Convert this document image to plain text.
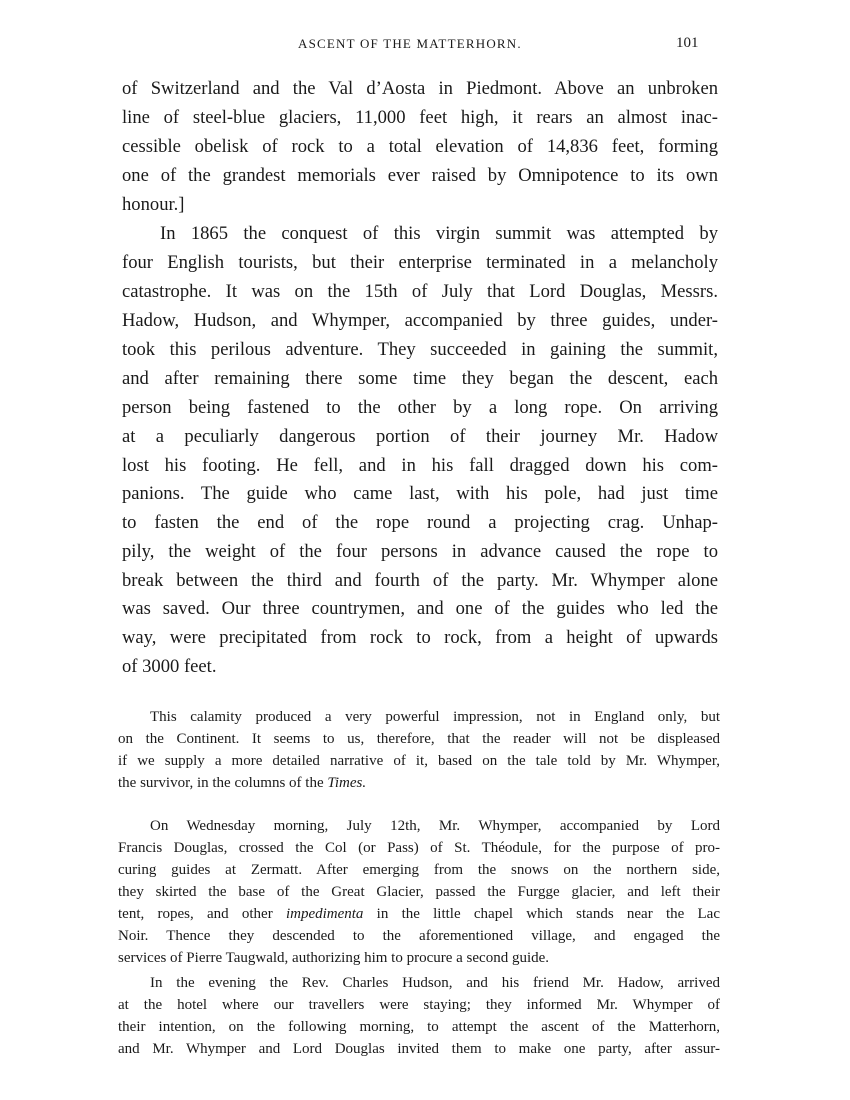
ASCENT OF THE MATTERHORN.	101
of Switzerland and the Val d’Aosta in Piedmont. Above an unbroken
line of steel-blue glaciers, 11,000 feet high, it rears an almost inac-
cessible obelisk of rock to a total elevation of 14,836 feet, forming
one of the grandest memorials ever raised by Omnipotence to its own
honour.]
In 1865 the conquest of this virgin summit was attempted by
four English tourists, but their enterprise terminated in a melancholy
catastrophe. It was on the 15th of July that Lord Douglas, Messrs.
Hadow, Hudson, and Whymper, accompanied by three guides, under-
took this perilous adventure. They succeeded in gaining the summit,
and after remaining there some time they began the descent, each
person being fastened to the other by a long rope. On arriving
at a peculiarly dangerous portion of their journey Mr. Hadow
lost his footing. He fell, and in his fall dragged down his com-
panions. The guide who came last, with his pole, had just time
to fasten the end of the rope round a projecting crag. Unhap-
pily, the weight of the four persons in advance caused the rope to
break between the third and fourth of the party. Mr. Whymper alone
was saved. Our three countrymen, and one of the guides who led the
way, were precipitated from rock to rock, from a height of upwards
of 3000 feet.
This calamity produced a very powerful impression, not in England only, but
on the Continent. It seems to us, therefore, that the reader will not be displeased
if we supply a more detailed narrative of it, based on the tale told by Mr. Whymper,
the survivor, in the columns of the Times.
On Wednesday morning, July 12th, Mr. Whymper, accompanied by Lord
Francis Douglas, crossed the Col (or Pass) of St. Théodule, for the purpose of pro-
curing guides at Zermatt. After emerging from the snows on the northern side,
they skirted the base of the Great Glacier, passed the Furgge glacier, and left their
tent, ropes, and other impedimenta in the little chapel which stands near the Lac
Noir. Thence they descended to the aforementioned village, and engaged the
services of Pierre Taugwald, authorizing him to procure a second guide.
In the evening the Rev. Charles Hudson, and his friend Mr. Hadow, arrived
at the hotel where our travellers were staying; they informed Mr. Whymper of
their intention, on the following morning, to attempt the ascent of the Matterhorn,
and Mr. Whymper and Lord Douglas invited them to make one party, after assur-
